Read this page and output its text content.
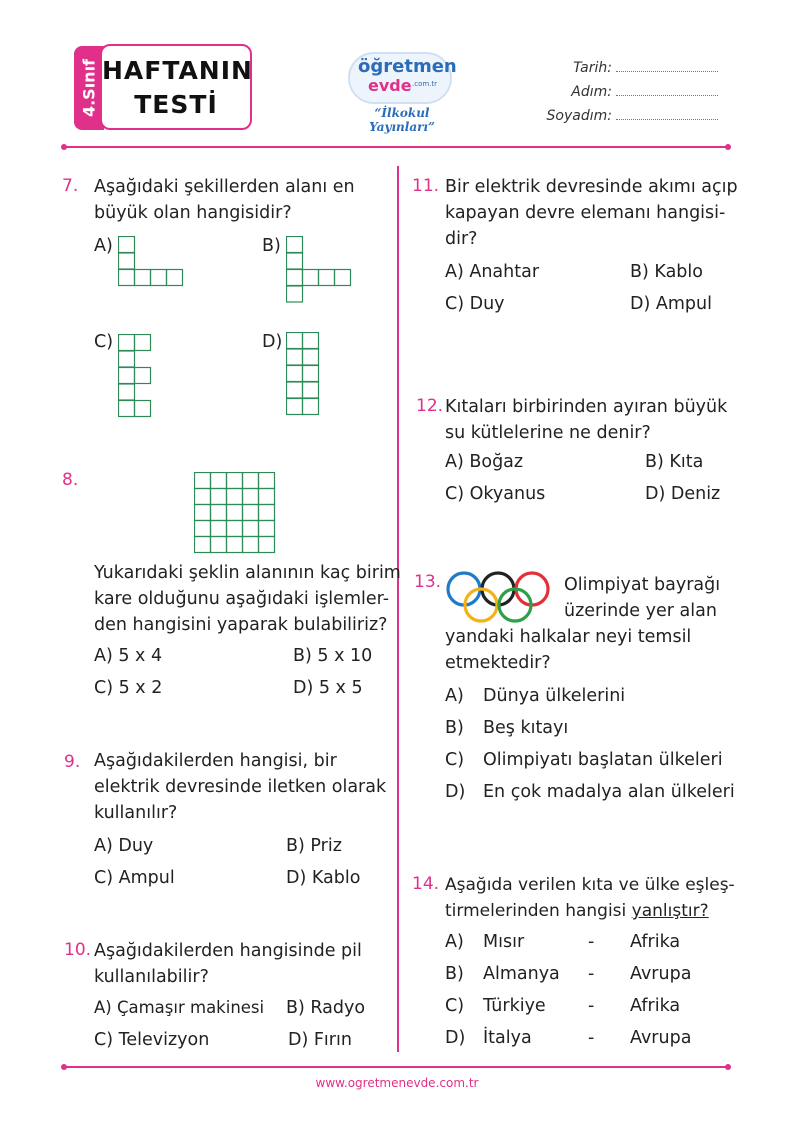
4.Sınıf HAFTANIN
TESTİ
öğretmen
evde .com.tr
“İlkokul Yayınları”
Tarih:
Adım:
Soyadım:
7. Aşağıdaki şekillerden alanı en
büyük olan hangisidir?
A)	B)
C)	D)
8.
Yukarıdaki şeklin alanının kaç birim
kare olduğunu aşağıdaki işlemler-
den hangisini yaparak bulabiliriz?
A) 5 x 4	B) 5 x 10
C) 5 x 2	D) 5 x 5
9. Aşağıdakilerden hangisi, bir
elektrik devresinde iletken olarak
kullanılır?
A) Duy	B) Priz
C) Ampul	D) Kablo
10. Aşağıdakilerden hangisinde pil
kullanılabilir?
A) Çamaşır makinesi B) Radyo
C) Televizyon	D) Fırın
11. Bir elektrik devresinde akımı açıp
kapayan devre elemanı hangisi-
dir?
A) Anahtar	B) Kablo
C) Duy	D) Ampul
12. Kıtaları birbirinden ayıran büyük
su kütlelerine ne denir?
A) Boğaz	B) Kıta
C) Okyanus	D) Deniz
13.	Olimpiyat bayrağı
üzerinde yer alan
yandaki halkalar neyi temsil
etmektedir?
A) Dünya ülkelerini
B) Beş kıtayı
C) Olimpiyatı başlatan ülkeleri
D) En çok madalya alan ülkeleri
14. Aşağıda verilen kıta ve ülke eşleş-
tirmelerinden hangisi yanlıştır?
A) Mısır	- Afrika
B) Almanya - Avrupa
C) Türkiye - Afrika
D) İtalya	- Avrupa
www.ogretmenevde.com.tr
